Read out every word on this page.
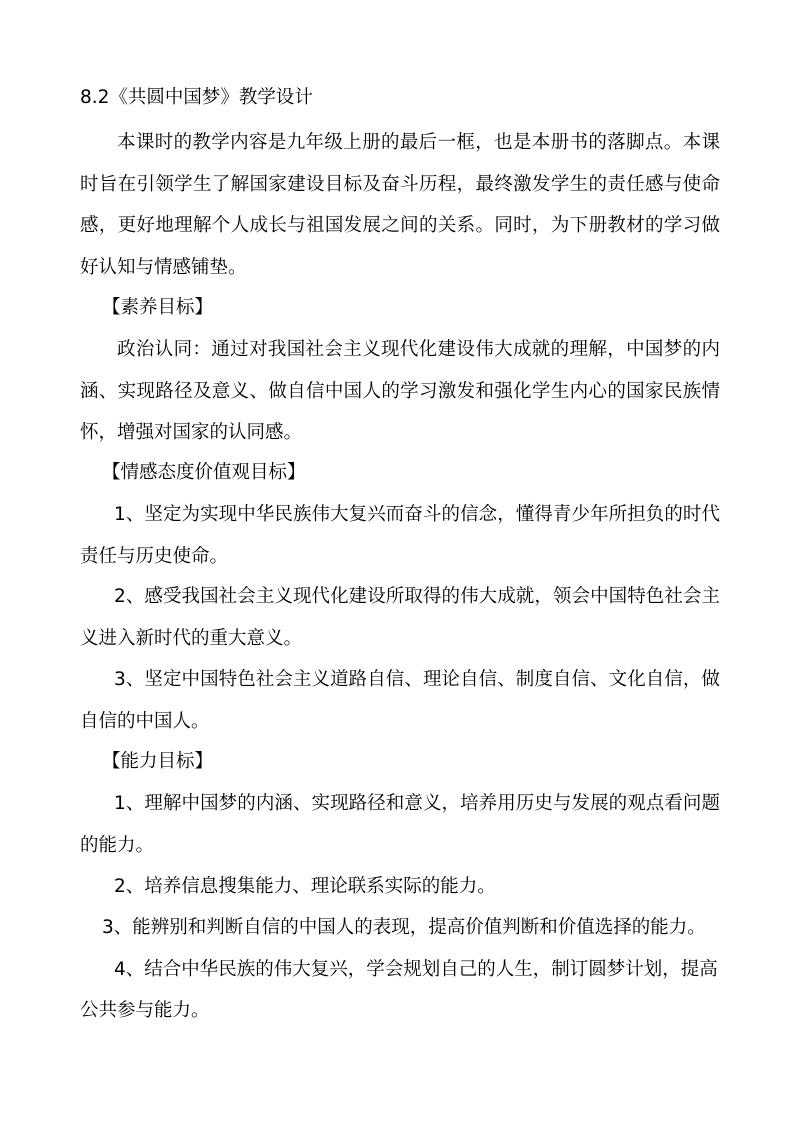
8.2《共圆中国梦》教学设计
本课时的教学内容是九年级上册的最后一框，也是本册书的落脚点。本课时旨在引领学生了解国家建设目标及奋斗历程，最终激发学生的责任感与使命感，更好地理解个人成长与祖国发展之间的关系。同时，为下册教材的学习做好认知与情感铺垫。
【素养目标】
政治认同：通过对我国社会主义现代化建设伟大成就的理解，中国梦的内涵、实现路径及意义、做自信中国人的学习激发和强化学生内心的国家民族情怀，增强对国家的认同感。
【情感态度价值观目标】
1、坚定为实现中华民族伟大复兴而奋斗的信念，懂得青少年所担负的时代责任与历史使命。
2、感受我国社会主义现代化建设所取得的伟大成就，领会中国特色社会主义进入新时代的重大意义。
3、坚定中国特色社会主义道路自信、理论自信、制度自信、文化自信，做自信的中国人。
【能力目标】
1、理解中国梦的内涵、实现路径和意义，培养用历史与发展的观点看问题的能力。
2、培养信息搜集能力、理论联系实际的能力。
3、能辨别和判断自信的中国人的表现，提高价值判断和价值选择的能力。
4、结合中华民族的伟大复兴，学会规划自己的人生，制订圆梦计划，提高
公共参与能力。
